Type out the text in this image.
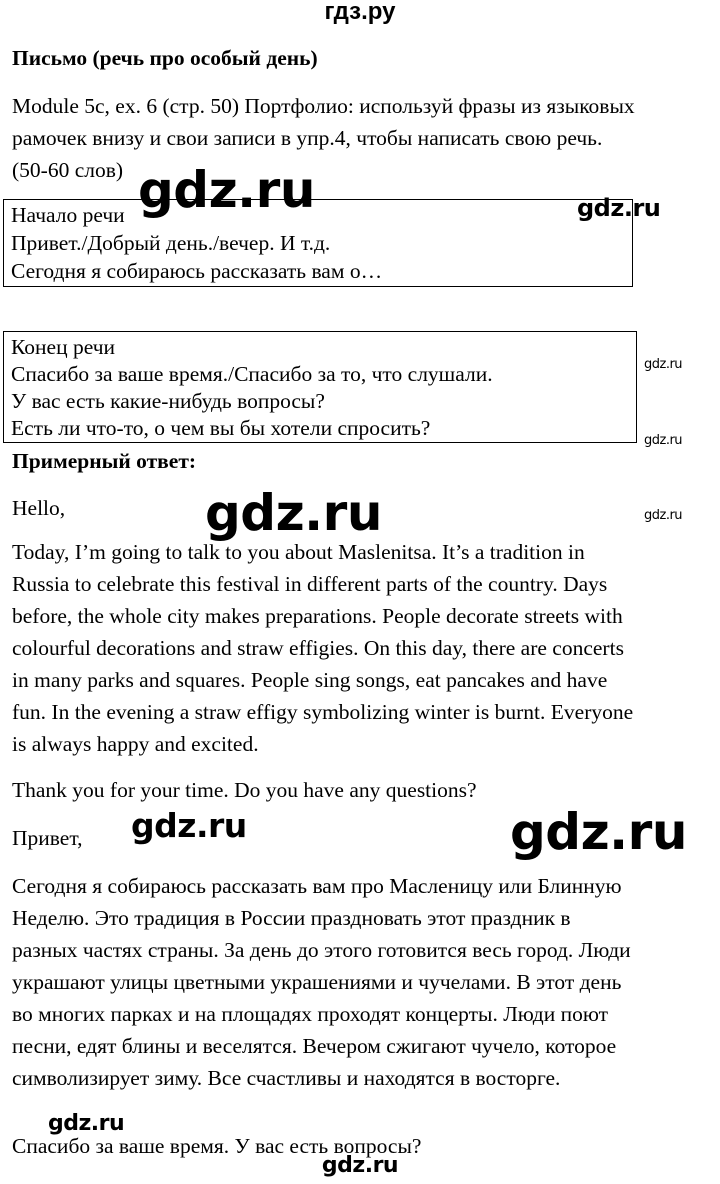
гдз.ру
Письмо (речь про особый день)

Module 5c, ex. 6 (стр. 50) Портфолио: используй фразы из языковых

рамочек внизу и свои записи в упр.4, чтобы написать свою речь.

(50-60 слов)

Начало речи

Привет./Добрый день./вечер. И т.д.

Сегодня я собираюсь рассказать вам о…

Конец речи

Спасибо за ваше время./Спасибо за то, что слушали.

У вас есть какие-нибудь вопросы?

Есть ли что-то, о чем вы бы хотели спросить?

Примерный ответ:
Hello,

Today, I’m going to talk to you about Maslenitsa. It’s a tradition in

Russia to celebrate this festival in different parts of the country. Days

before, the whole city makes preparations. People decorate streets with

colourful decorations and straw effigies. On this day, there are concerts

in many parks and squares. People sing songs, eat pancakes and have

fun. In the evening a straw effigy symbolizing winter is burnt. Everyone

is always happy and excited.

Thank you for your time. Do you have any questions?
Привет,

Сегодня я собираюсь рассказать вам про Масленицу или Блинную

Неделю. Это традиция в России праздновать этот праздник в

разных частях страны. За день до этого готовится весь город. Люди

украшают улицы цветными украшениями и чучелами. В этот день

во многих парках и на площадях проходят концерты. Люди поют

песни, едят блины и веселятся. Вечером сжигают чучело, которое

символизирует зиму. Все счастливы и находятся в восторге.

Спасибо за ваше время. У вас есть вопросы?
gdz.ru	gdz.ru
gdz.ru
gdz.ru
gdz.ru	gdz.ru
gdz.ru	gdz.ru
gdz.ru
gdz.ru
